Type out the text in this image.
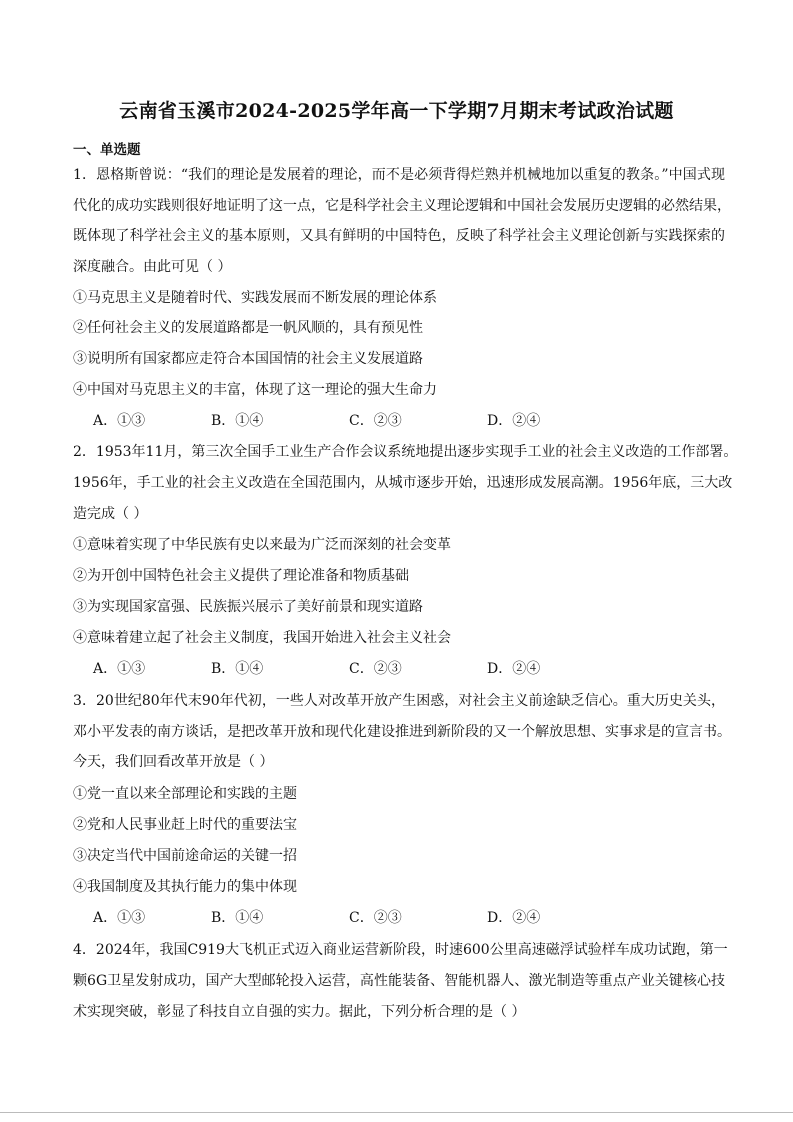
云南省玉溪市2024-2025学年高一下学期7月期末考试政治试题
一、单选题
1．恩格斯曾说：“我们的理论是发展着的理论，而不是必须背得烂熟并机械地加以重复的教条。”中国式现
代化的成功实践则很好地证明了这一点，它是科学社会主义理论逻辑和中国社会发展历史逻辑的必然结果，
既体现了科学社会主义的基本原则，又具有鲜明的中国特色，反映了科学社会主义理论创新与实践探索的
深度融合。由此可见（ ）
①马克思主义是随着时代、实践发展而不断发展的理论体系
②任何社会主义的发展道路都是一帆风顺的，具有预见性
③说明所有国家都应走符合本国国情的社会主义发展道路
④中国对马克思主义的丰富，体现了这一理论的强大生命力
A．①③	B．①④	C．②③	D．②④
2．1953年11月，第三次全国手工业生产合作会议系统地提出逐步实现手工业的社会主义改造的工作部署。
1956年，手工业的社会主义改造在全国范围内，从城市逐步开始，迅速形成发展高潮。1956年底，三大改
造完成（ ）
①意味着实现了中华民族有史以来最为广泛而深刻的社会变革
②为开创中国特色社会主义提供了理论准备和物质基础
③为实现国家富强、民族振兴展示了美好前景和现实道路
④意味着建立起了社会主义制度，我国开始进入社会主义社会
A．①③	B．①④	C．②③	D．②④
3．20世纪80年代末90年代初，一些人对改革开放产生困惑，对社会主义前途缺乏信心。重大历史关头，
邓小平发表的南方谈话，是把改革开放和现代化建设推进到新阶段的又一个解放思想、实事求是的宣言书。
今天，我们回看改革开放是（ ）
①党一直以来全部理论和实践的主题
②党和人民事业赶上时代的重要法宝
③决定当代中国前途命运的关键一招
④我国制度及其执行能力的集中体现
A．①③	B．①④	C．②③	D．②④
4．2024年，我国C919大飞机正式迈入商业运营新阶段，时速600公里高速磁浮试验样车成功试跑，第一
颗6G卫星发射成功，国产大型邮轮投入运营，高性能装备、智能机器人、激光制造等重点产业关键核心技
术实现突破，彰显了科技自立自强的实力。据此，下列分析合理的是（ ）
